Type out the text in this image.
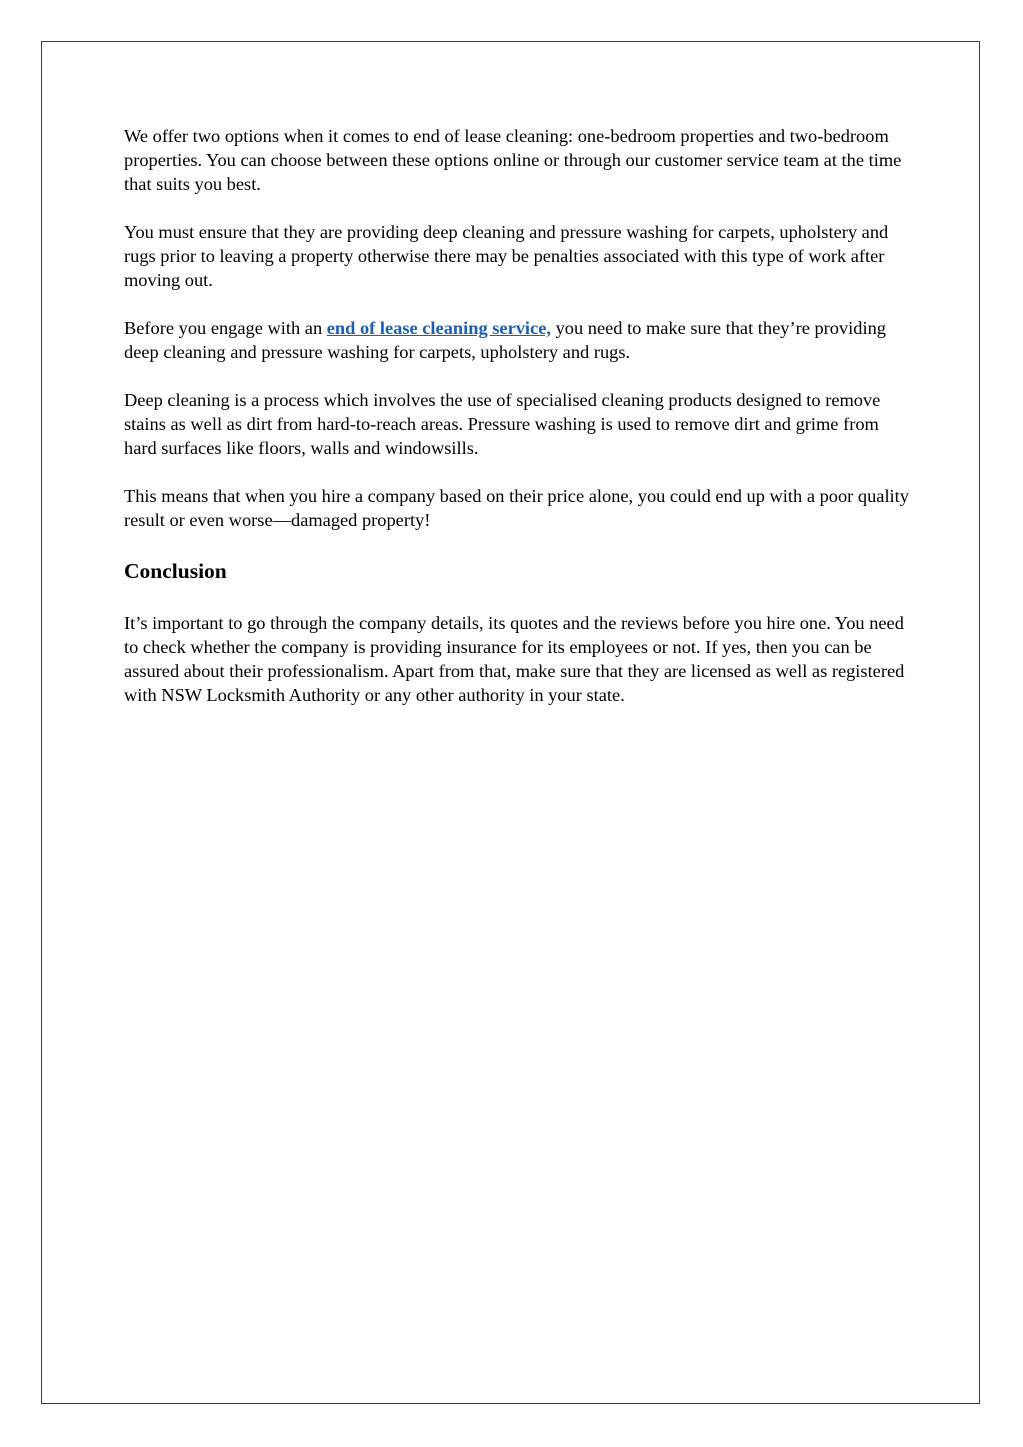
We offer two options when it comes to end of lease cleaning: one-bedroom properties and two-bedroom properties. You can choose between these options online or through our customer service team at the time that suits you best.

You must ensure that they are providing deep cleaning and pressure washing for carpets, upholstery and rugs prior to leaving a property otherwise there may be penalties associated with this type of work after moving out.

Before you engage with an end of lease cleaning service, you need to make sure that they’re providing deep cleaning and pressure washing for carpets, upholstery and rugs.

Deep cleaning is a process which involves the use of specialised cleaning products designed to remove stains as well as dirt from hard-to-reach areas. Pressure washing is used to remove dirt and grime from hard surfaces like floors, walls and windowsills.

This means that when you hire a company based on their price alone, you could end up with a poor quality result or even worse—damaged property!

Conclusion

It’s important to go through the company details, its quotes and the reviews before you hire one. You need to check whether the company is providing insurance for its employees or not. If yes, then you can be assured about their professionalism. Apart from that, make sure that they are licensed as well as registered with NSW Locksmith Authority or any other authority in your state.
